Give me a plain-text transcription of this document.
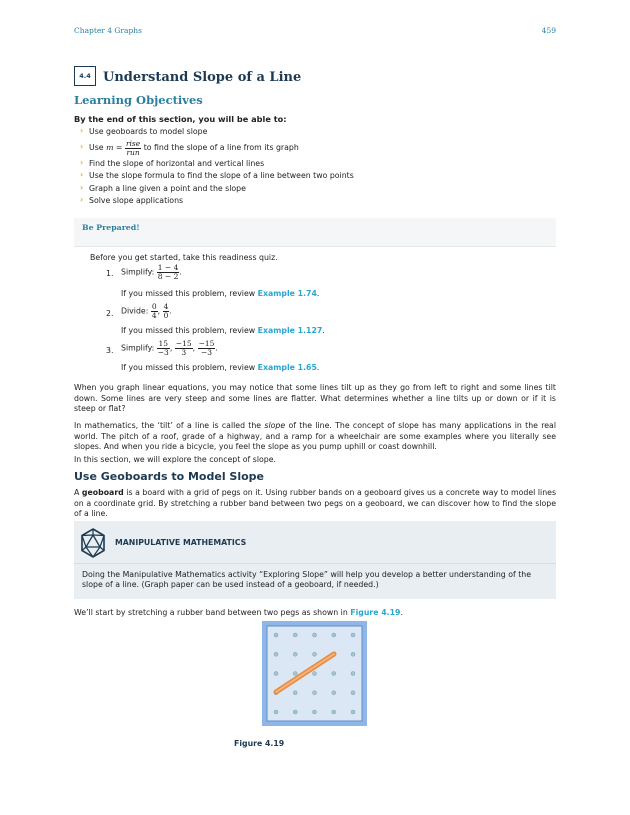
Chapter 4 Graphs	459
4.4 Understand Slope of a Line
Learning Objectives
By the end of this section, you will be able to:
› Use geoboards to model slope
› Use $m = \frac{\text{rise}}{\text{run}}$ to find the slope of a line from its graph
› Find the slope of horizontal and vertical lines
› Use the slope formula to find the slope of a line between two points
› Graph a line given a point and the slope
› Solve slope applications
Be Prepared!
Before you get started, take this readiness quiz.
1. Simplify: $\frac{1 - 4}{8 - 2}$ .
If you missed this problem, review Example 1.74.
2. Divide: $\frac{0}{4}$ , $\frac{4}{0}$ .
If you missed this problem, review Example 1.127.
3. Simplify: $\frac{15}{-3}$ , $\frac{-15}{3}$ , $\frac{-15}{-3}$ .
If you missed this problem, review Example 1.65.
When you graph linear equations, you may notice that some lines tilt up as they go from left to right and some lines tilt down. Some lines are very steep and some lines are flatter. What determines whether a line tilts up or down or if it is steep or flat?
In mathematics, the ‘tilt’ of a line is called the slope of the line. The concept of slope has many applications in the real world. The pitch of a roof, grade of a highway, and a ramp for a wheelchair are some examples where you literally see slopes. And when you ride a bicycle, you feel the slope as you pump uphill or coast downhill.
In this section, we will explore the concept of slope.
Use Geoboards to Model Slope
A geoboard is a board with a grid of pegs on it. Using rubber bands on a geoboard gives us a concrete way to model lines on a coordinate grid. By stretching a rubber band between two pegs on a geoboard, we can discover how to find the slope of a line.
MANIPULATIVE MATHEMATICS
Doing the Manipulative Mathematics activity “Exploring Slope” will help you develop a better understanding of the slope of a line. (Graph paper can be used instead of a geoboard, if needed.)
We’ll start by stretching a rubber band between two pegs as shown in Figure 4.19.
Figure 4.19
